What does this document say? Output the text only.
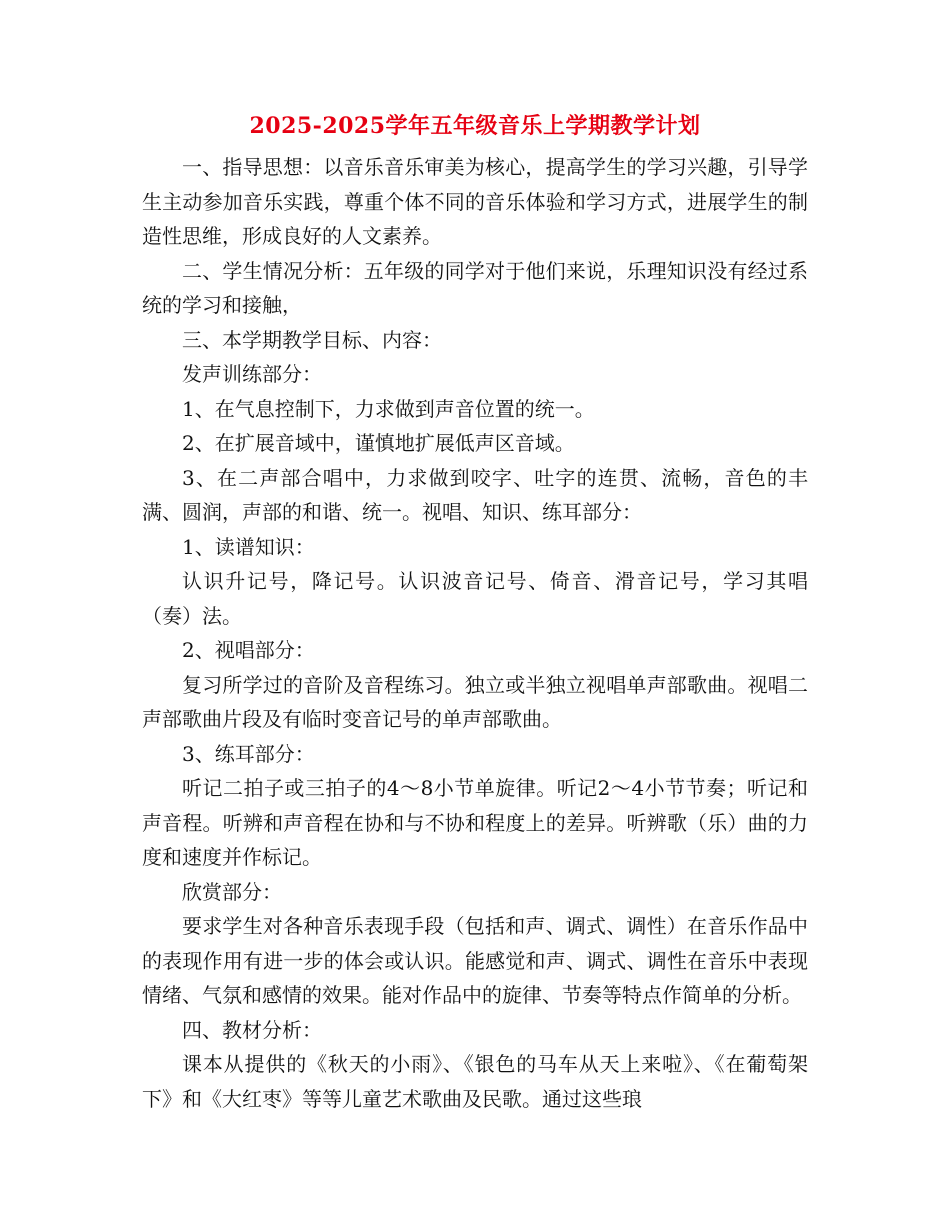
2025-2025学年五年级音乐上学期教学计划

一、指导思想：以音乐音乐审美为核心，提高学生的学习兴趣，引导学生主动参加音乐实践，尊重个体不同的音乐体验和学习方式，进展学生的制造性思维，形成良好的人文素养。

二、学生情况分析：五年级的同学对于他们来说，乐理知识没有经过系统的学习和接触，

三、本学期教学目标、内容：

发声训练部分：

1、在气息控制下，力求做到声音位置的统一。

2、在扩展音域中，谨慎地扩展低声区音域。

3、在二声部合唱中，力求做到咬字、吐字的连贯、流畅，音色的丰满、圆润，声部的和谐、统一。视唱、知识、练耳部分：

1、读谱知识：

认识升记号，降记号。认识波音记号、倚音、滑音记号，学习其唱（奏）法。

2、视唱部分：

复习所学过的音阶及音程练习。独立或半独立视唱单声部歌曲。视唱二声部歌曲片段及有临时变音记号的单声部歌曲。

3、练耳部分：

听记二拍子或三拍子的4～8小节单旋律。听记2～4小节节奏；听记和声音程。听辨和声音程在协和与不协和程度上的差异。听辨歌（乐）曲的力度和速度并作标记。

欣赏部分：

要求学生对各种音乐表现手段（包括和声、调式、调性）在音乐作品中的表现作用有进一步的体会或认识。能感觉和声、调式、调性在音乐中表现情绪、气氛和感情的效果。能对作品中的旋律、节奏等特点作简单的分析。

四、教材分析：

课本从提供的《秋天的小雨》、《银色的马车从天上来啦》、《在葡萄架下》和《大红枣》等等儿童艺术歌曲及民歌。通过这些琅
